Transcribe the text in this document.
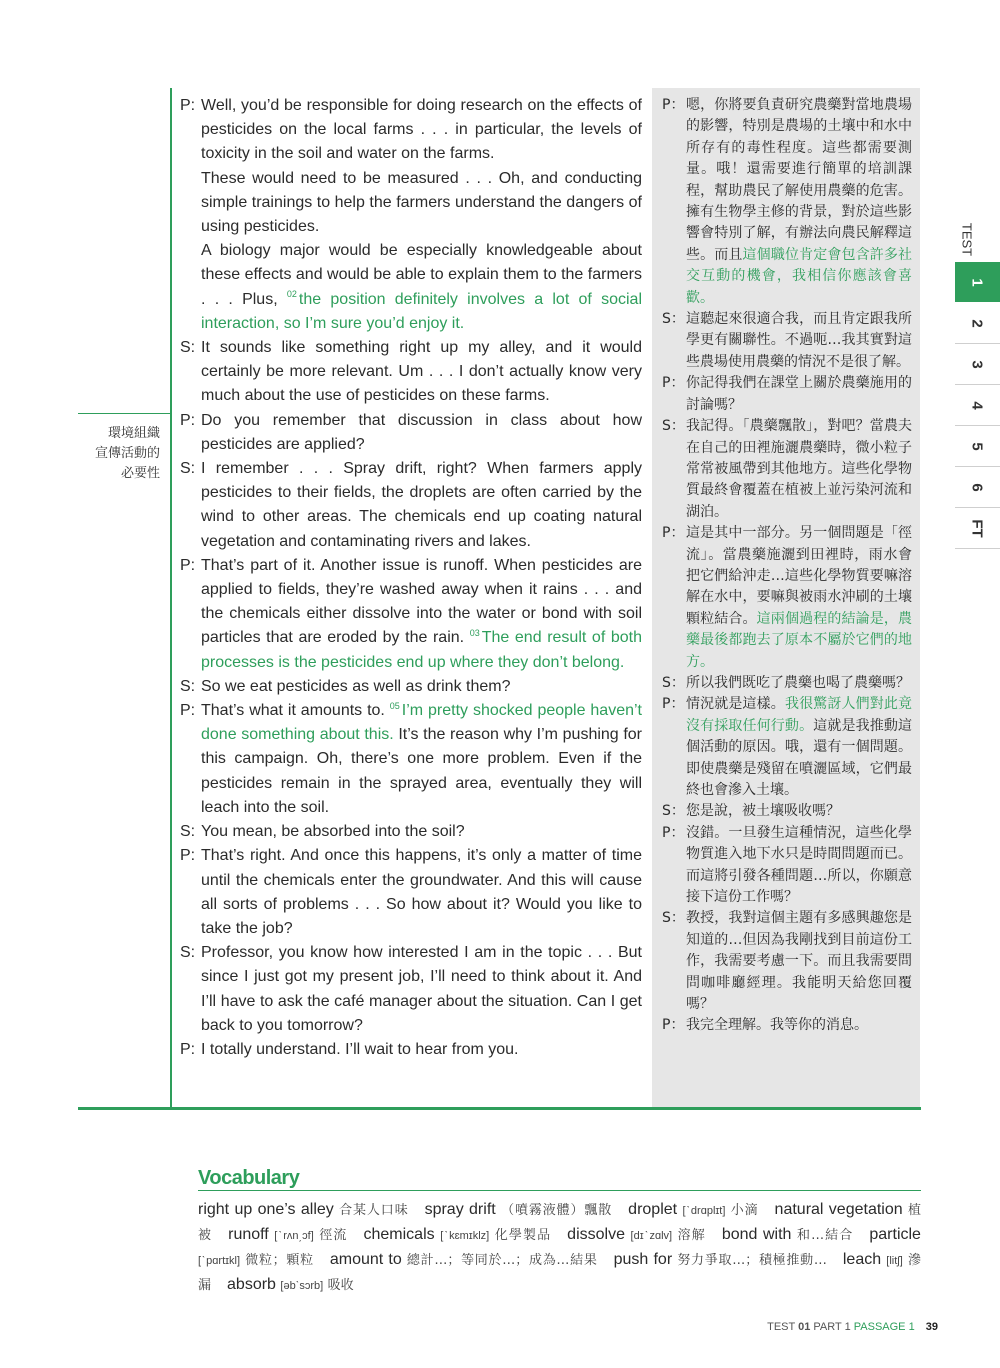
環境組織
宣傳活動的
必要性
P: Well, you’d be responsible for doing research on the effects of pesticides on the local farms . . . in particular, the levels of toxicity in the soil and water on the farms.

These would need to be measured . . . Oh, and conducting simple trainings to help the farmers understand the dangers of using pesticides.

A biology major would be especially knowledgeable about these effects and would be able to explain them to the farmers . . . Plus, $^{02}$ the position definitely involves a lot of social interaction, so I’m sure you’d enjoy it.

S: It sounds like something right up my alley, and it would certainly be more relevant. Um . . . I don’t actually know very much about the use of pesticides on these farms.

P: Do you remember that discussion in class about how pesticides are applied?

S: I remember . . . Spray drift, right? When farmers apply pesticides to their fields, the droplets are often carried by the wind to other areas. The chemicals end up coating natural vegetation and contaminating rivers and lakes.

P: That’s part of it. Another issue is runoff. When pesticides are applied to fields, they’re washed away when it rains . . . and the chemicals either dissolve into the water or bond with soil particles that are eroded by the rain. $^{03}$ The end result of both processes is the pesticides end up where they don’t belong.

S: So we eat pesticides as well as drink them?

P: That’s what it amounts to. $^{05}$ I’m pretty shocked people haven’t done something about this. It’s the reason why I’m pushing for this campaign. Oh, there’s one more problem. Even if the pesticides remain in the sprayed area, eventually they will leach into the soil.

S: You mean, be absorbed into the soil?

P: That’s right. And once this happens, it’s only a matter of time until the chemicals enter the groundwater. And this will cause all sorts of problems . . . So how about it? Would you like to take the job?

S: Professor, you know how interested I am in the topic . . . But since I just got my present job, I’ll need to think about it. And I’ll have to ask the café manager about the situation. Can I get back to you tomorrow?

P: I totally understand. I’ll wait to hear from you.

P： 嗯，你將要負責研究農藥對當地農場的影響，特別是農場的土壤中和水中所存有的毒性程度。這些都需要測量。哦！還需要進行簡單的培訓課程，幫助農民了解使用農藥的危害。擁有生物學主修的背景，對於這些影響會特別了解，有辦法向農民解釋這些。而且這個職位肯定會包含許多社交互動的機會，我相信你應該會喜歡。

S： 這聽起來很適合我，而且肯定跟我所學更有關聯性。不過呃…我其實對這些農場使用農藥的情況不是很了解。

P： 你記得我們在課堂上關於農藥施用的討論嗎？

S： 我記得。「農藥飄散」，對吧？當農夫在自己的田裡施灑農藥時，微小粒子常常被風帶到其他地方。這些化學物質最終會覆蓋在植被上並污染河流和湖泊。

P： 這是其中一部分。另一個問題是「徑流」。當農藥施灑到田裡時，雨水會把它們給沖走…這些化學物質要嘛溶解在水中，要嘛與被雨水沖刷的土壤顆粒結合。這兩個過程的結論是，農藥最後都跑去了原本不屬於它們的地方。

S： 所以我們既吃了農藥也喝了農藥嗎？

P： 情況就是這樣。我很驚訝人們對此竟沒有採取任何行動。這就是我推動這個活動的原因。哦，還有一個問題。即使農藥是殘留在噴灑區域，它們最終也會滲入土壤。

S： 您是說，被土壤吸收嗎？

P： 沒錯。一旦發生這種情況，這些化學物質進入地下水只是時間問題而已。而這將引發各種問題…所以，你願意接下這份工作嗎？

S： 教授，我對這個主題有多感興趣您是知道的…但因為我剛找到目前這份工作，我需要考慮一下。而且我需要問問咖啡廳經理。我能明天給您回覆嗎？

P： 我完全理解。我等你的消息。

TEST
1
2
3
4
5
6
FT
Vocabulary
right up one’s alley 合某人口味  spray drift （噴霧液體）飄散  droplet [ˋdrɑplɪt] 小滴  natural vegetation 植被  runoff [ˋrʌn͵ɔf] 徑流  chemicals [ˋkɛmɪklz] 化學製品  dissolve [dɪˋzɑlv] 溶解  bond with 和…結合  particle [ˋpɑrtɪkl] 微粒；顆粒  amount to 總計…；等同於…；成為…結果  push for 努力爭取…；積極推動…  leach [litʃ] 滲漏  absorb [əbˋsɔrb] 吸收
TEST 01 PART 1 PASSAGE 1 39
